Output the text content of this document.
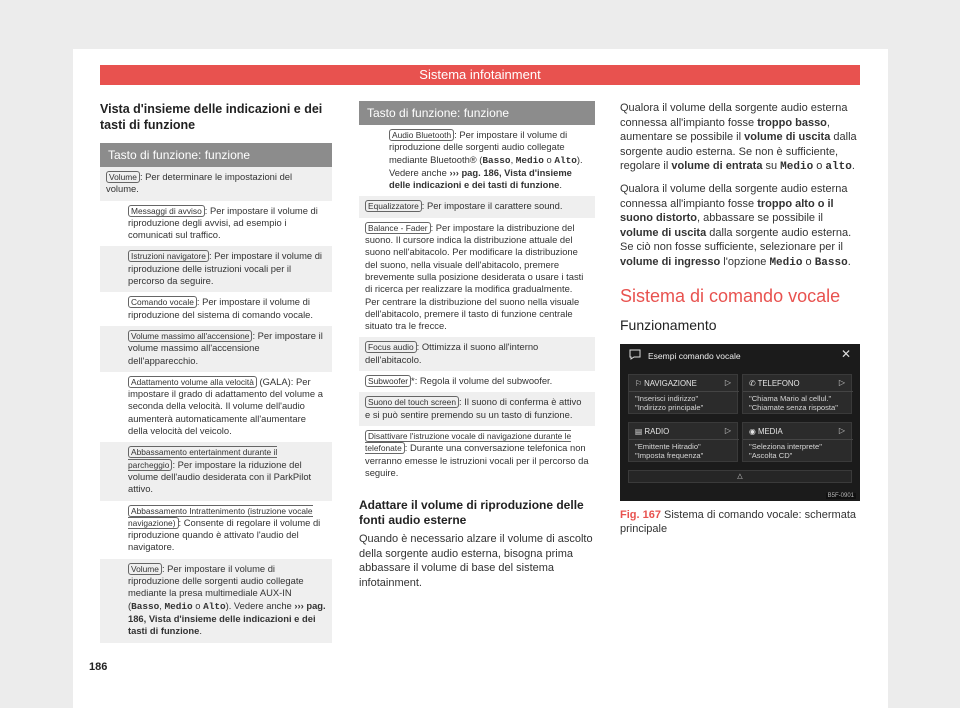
Sistema infotainment
Vista d'insieme delle indicazioni e dei tasti di funzione
Tasto di funzione: funzione
Volume : Per determinare le impostazioni del volume.
Messaggi di avviso : Per impostare il volume di riproduzione degli avvisi, ad esempio i comunicati sul traffico.
Istruzioni navigatore : Per impostare il volume di riproduzione delle istruzioni vocali per il percorso da seguire.
Comando vocale : Per impostare il volume di riproduzione del sistema di comando vocale.
Volume massimo all'accensione : Per impostare il volume massimo all'accensione dell'apparecchio.
Adattamento volume alla velocità (GALA): Per impostare il grado di adattamento del volume a seconda della velocità. Il volume dell'audio aumenterà automaticamente all'aumentare della velocità del veicolo.
Abbassamento entertainment durante il parcheggio : Per impostare la riduzione del volume dell'audio desiderata con il ParkPilot attivo.
Abbassamento Intrattenimento (istruzione vocale navigazione) : Consente di regolare il volume di riproduzione quando è attivato l'audio del navigatore.
Volume : Per impostare il volume di riproduzione delle sorgenti audio collegate mediante la presa multimediale AUX-IN (Basso, Medio o Alto). Vedere anche ››› pag. 186, Vista d'insieme delle indicazioni e dei tasti di funzione.
Tasto di funzione: funzione
Audio Bluetooth : Per impostare il volume di riproduzione delle sorgenti audio collegate mediante Bluetooth® (Basso, Medio o Alto). Vedere anche ››› pag. 186, Vista d'insieme delle indicazioni e dei tasti di funzione.
Equalizzatore : Per impostare il carattere sound.
Balance - Fader : Per impostare la distribuzione del suono. Il cursore indica la distribuzione attuale del suono nell'abitacolo. Per modificare la distribuzione del suono, nella visuale dell'abitacolo, premere brevemente sulla posizione desiderata o usare i tasti di ricerca per realizzare la modifica gradualmente. Per centrare la distribuzione del suono nella visuale dell'abitacolo, premere il tasto di funzione centrale situato tra le frecce.
Focus audio : Ottimizza il suono all'interno dell'abitacolo.
Subwoofer *: Regola il volume del subwoofer.
Suono del touch screen : Il suono di conferma è attivo e si può sentire premendo su un tasto di funzione.
Disattivare l'istruzione vocale di navigazione durante le telefonate : Durante una conversazione telefonica non verranno emesse le istruzioni vocali per il percorso da seguire.
Adattare il volume di riproduzione delle fonti audio esterne
Quando è necessario alzare il volume di ascolto della sorgente audio esterna, bisogna prima abbassare il volume di base del sistema infotainment.
Qualora il volume della sorgente audio esterna connessa all'impianto fosse troppo basso, aumentare se possibile il volume di uscita dalla sorgente audio esterna. Se non è sufficiente, regolare il volume di entrata su Medio o alto.
Qualora il volume della sorgente audio esterna connessa all'impianto fosse troppo alto o il suono distorto, abbassare se possibile il volume di uscita dalla sorgente audio esterna. Se ciò non fosse sufficiente, selezionare per il volume di ingresso l'opzione Medio o Basso.
Sistema di comando vocale
Funzionamento
Esempi comando vocale	✕
⚐ NAVIGAZIONE	▷
"Inserisci indirizzo"
"Indirizzo principale"
✆ TELEFONO	▷
"Chiama Mario al cellul."
"Chiamate senza risposta"
▤ RADIO	▷
"Emittente Hitradio"
"Imposta frequenza"
◉ MEDIA	▷
"Seleziona interprete"
"Ascolta CD"
△
B5F-0901
Fig. 167 Sistema di comando vocale: schermata principale
186
